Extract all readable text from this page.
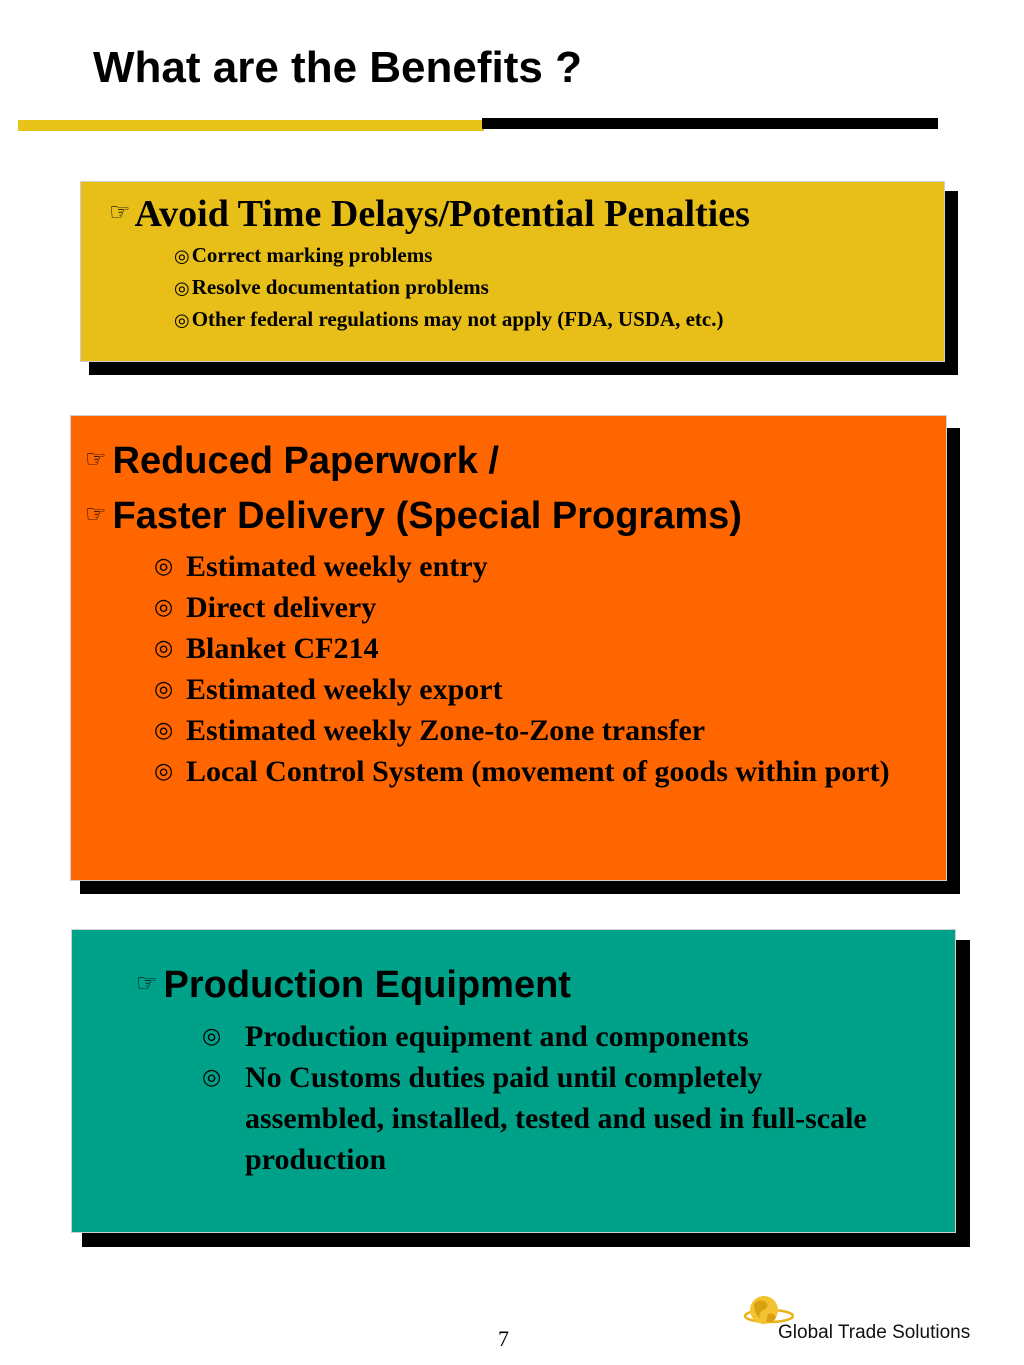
What are the Benefits ?
☞ Avoid Time Delays/Potential Penalties
◎Correct marking problems
◎Resolve documentation problems
◎Other federal regulations may not apply (FDA, USDA, etc.)
☞ Reduced Paperwork /
☞ Faster Delivery (Special Programs)
◎ Estimated weekly entry
◎ Direct delivery
◎ Blanket CF214
◎ Estimated weekly export
◎ Estimated weekly Zone-to-Zone transfer
◎ Local Control System (movement of goods within port)
☞ Production Equipment
◎ Production equipment and components
◎ No Customs duties paid until completely assembled, installed, tested and used in full-scale production
7	Global Trade Solutions
